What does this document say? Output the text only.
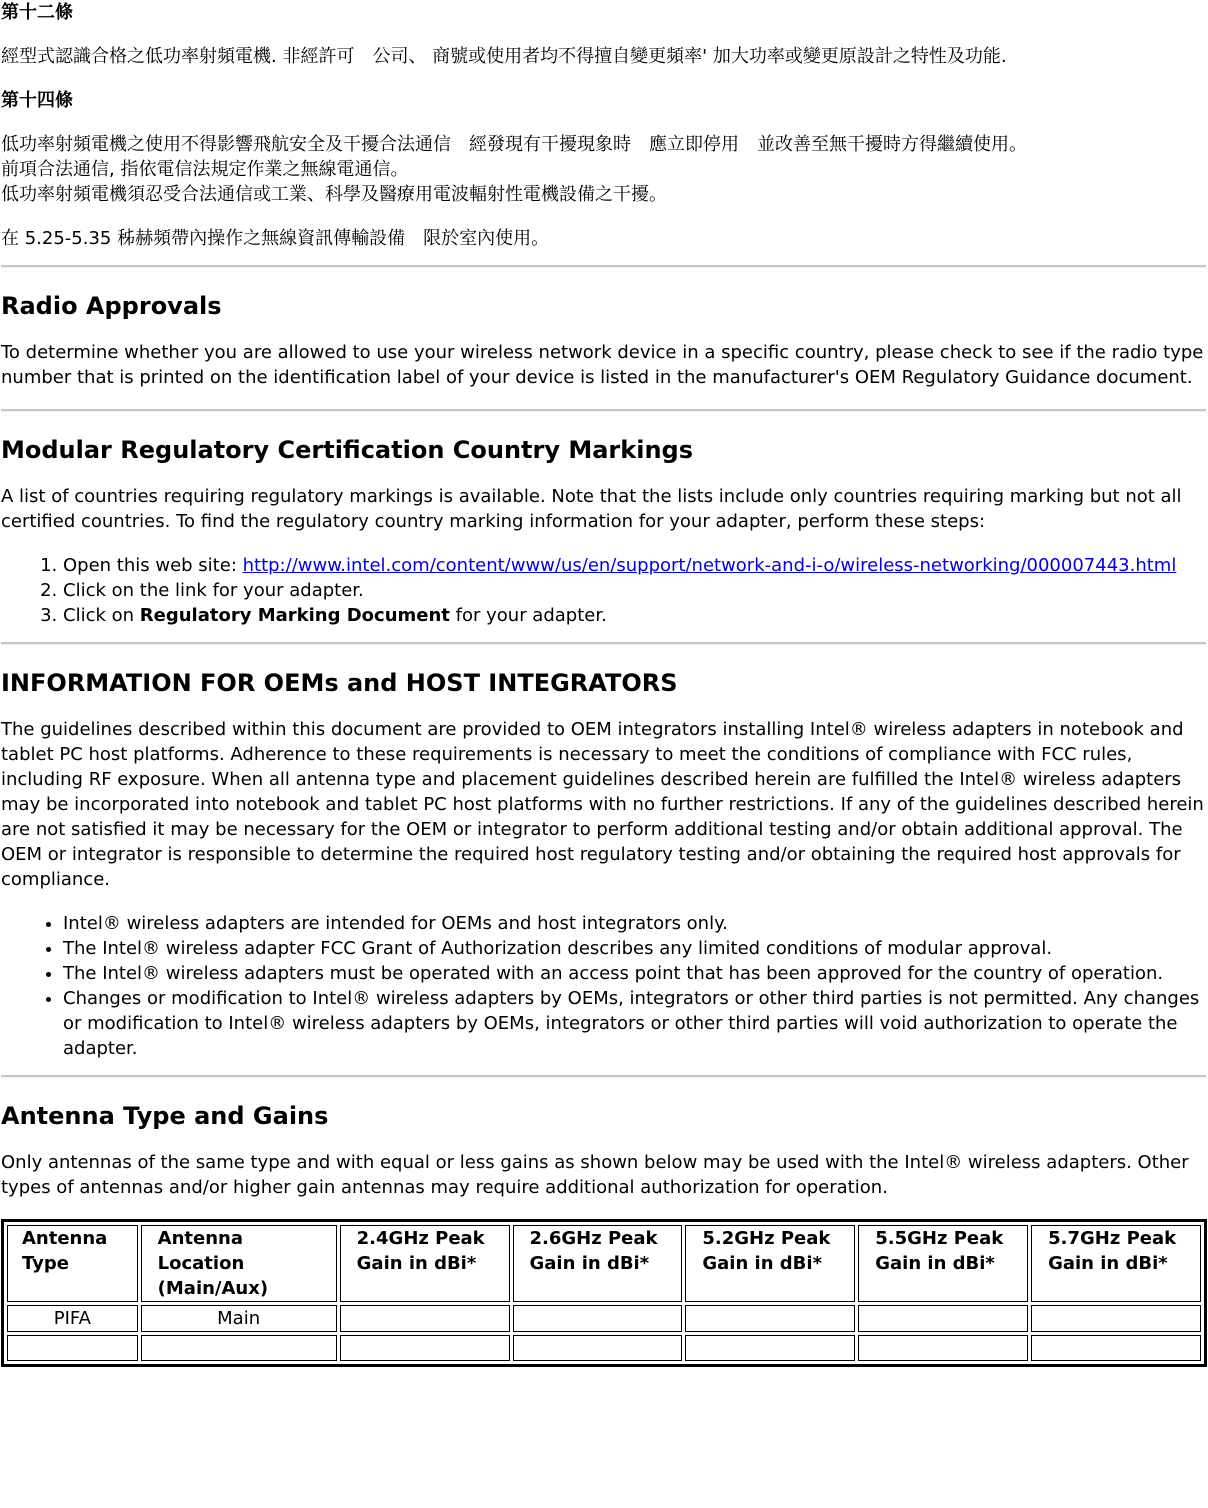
第十二條

經型式認識合格之低功率射頻電機. 非經許可　公司、 商號或使用者均不得擅自變更頻率' 加大功率或變更原設計之特性及功能.

第十四條

低功率射頻電機之使用不得影響飛航安全及干擾合法通信　經發現有干擾現象時　應立即停用　並改善至無干擾時方得繼續使用。

前項合法通信, 指依電信法規定作業之無線電通信。

低功率射頻電機須忍受合法通信或工業、科學及醫療用電波輻射性電機設備之干擾。

在 5.25-5.35 秭赫頻帶內操作之無線資訊傳輸設備　限於室內使用。

Radio Approvals

To determine whether you are allowed to use your wireless network device in a specific country, please check to see if the radio type number that is printed on the identification label of your device is listed in the manufacturer's OEM Regulatory Guidance document.

Modular Regulatory Certification Country Markings

A list of countries requiring regulatory markings is available. Note that the lists include only countries requiring marking but not all certified countries. To find the regulatory country marking information for your adapter, perform these steps:

1. Open this web site: http://www.intel.com/content/www/us/en/support/network-and-i-o/wireless-networking/000007443.html
2. Click on the link for your adapter.
3. Click on Regulatory Marking Document for your adapter.
INFORMATION FOR OEMs and HOST INTEGRATORS

The guidelines described within this document are provided to OEM integrators installing Intel® wireless adapters in notebook and tablet PC host platforms. Adherence to these requirements is necessary to meet the conditions of compliance with FCC rules, including RF exposure. When all antenna type and placement guidelines described herein are fulfilled the Intel® wireless adapters may be incorporated into notebook and tablet PC host platforms with no further restrictions. If any of the guidelines described herein are not satisfied it may be necessary for the OEM or integrator to perform additional testing and/or obtain additional approval. The OEM or integrator is responsible to determine the required host regulatory testing and/or obtaining the required host approvals for compliance.

• Intel® wireless adapters are intended for OEMs and host integrators only.
• The Intel® wireless adapter FCC Grant of Authorization describes any limited conditions of modular approval.
• The Intel® wireless adapters must be operated with an access point that has been approved for the country of operation.
• Changes or modification to Intel® wireless adapters by OEMs, integrators or other third parties is not permitted. Any changes or modification to Intel® wireless adapters by OEMs, integrators or other third parties will void authorization to operate the adapter.
Antenna Type and Gains

Only antennas of the same type and with equal or less gains as shown below may be used with the Intel® wireless adapters. Other types of antennas and/or higher gain antennas may require additional authorization for operation.

Antenna Type	Antenna Location (Main/Aux)	2.4GHz Peak Gain in dBi*	2.6GHz Peak Gain in dBi*	5.2GHz Peak Gain in dBi*	5.5GHz Peak Gain in dBi*	5.7GHz Peak Gain in dBi*
PIFA	Main					
